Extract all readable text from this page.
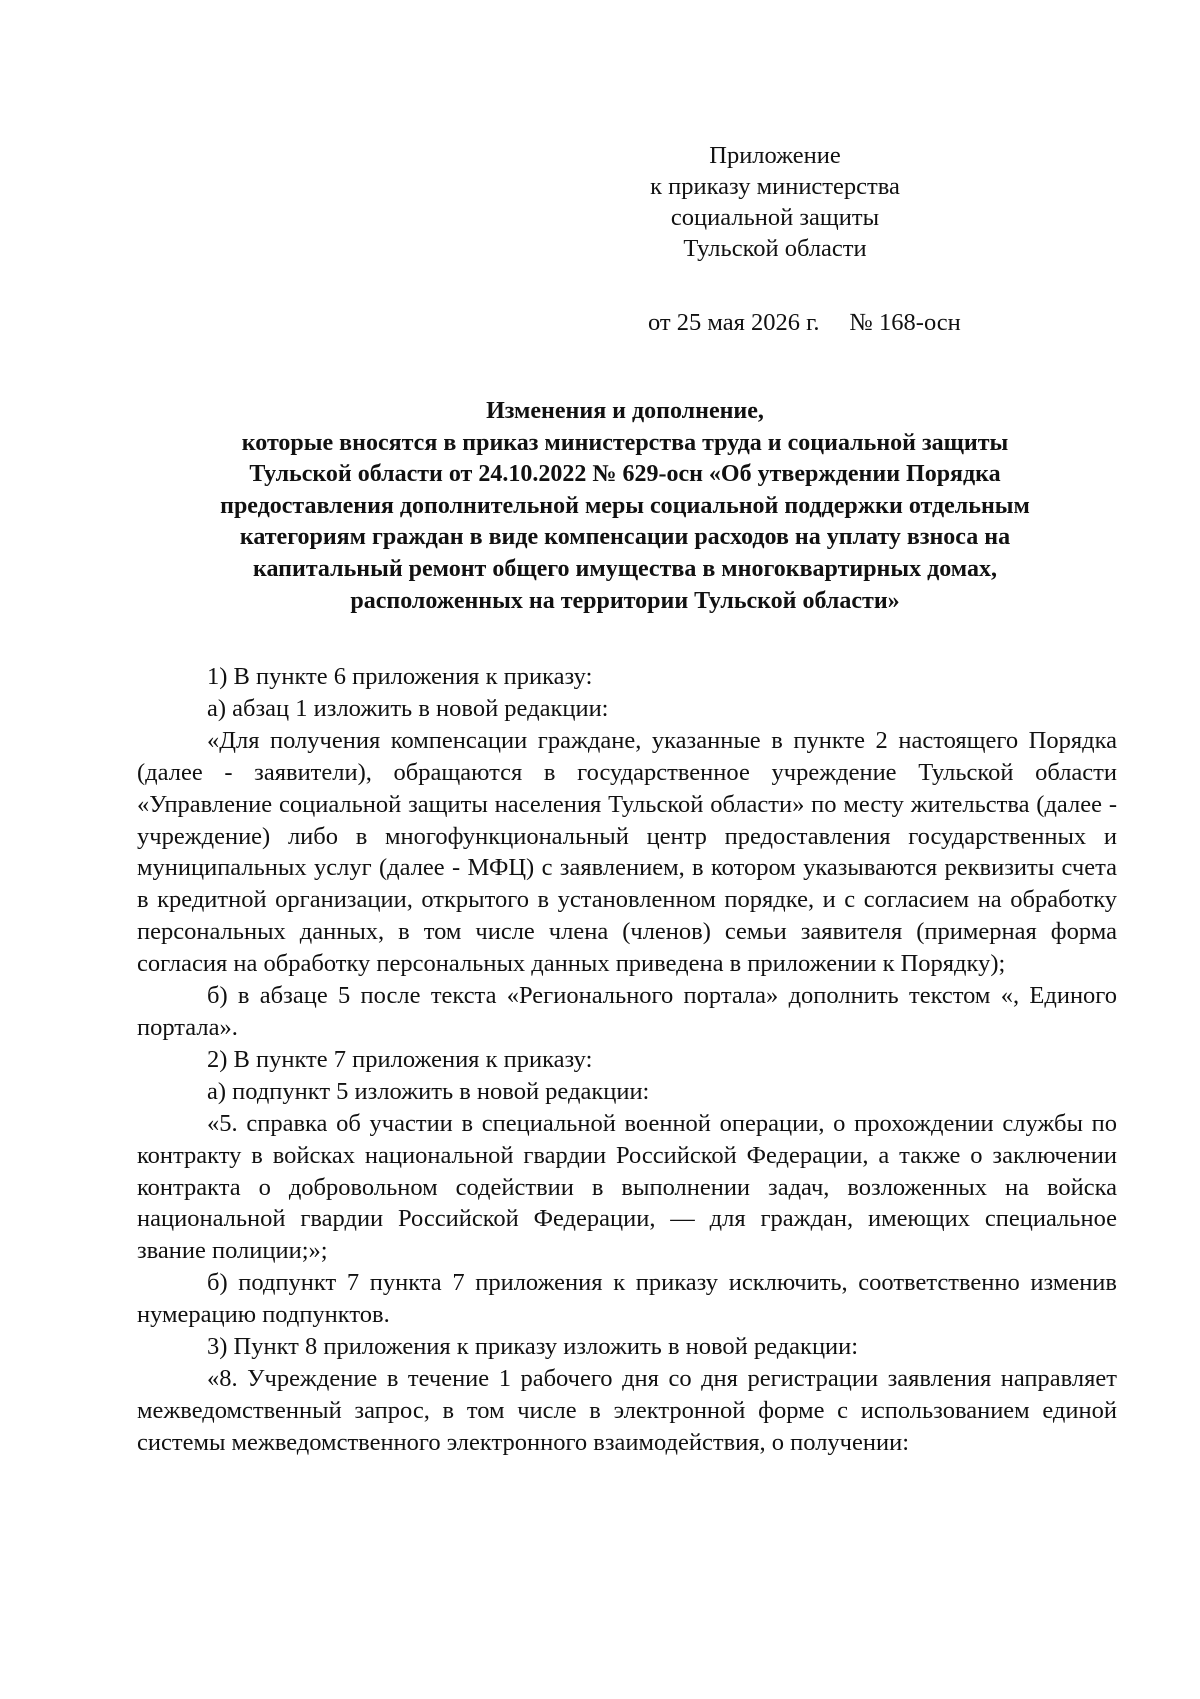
Приложение
к приказу министерства
социальной защиты
Тульской области
от 25 мая 2026 г. № 168-осн
Изменения и дополнение,
которые вносятся в приказ министерства труда и социальной защиты
Тульской области от 24.10.2022 № 629-осн «Об утверждении Порядка
предоставления дополнительной меры социальной поддержки отдельным
категориям граждан в виде компенсации расходов на уплату взноса на
капитальный ремонт общего имущества в многоквартирных домах,
расположенных на территории Тульской области»

1) В пункте 6 приложения к приказу:

а) абзац 1 изложить в новой редакции:

«Для получения компенсации граждане, указанные в пункте 2 настоящего Порядка (далее - заявители), обращаются в государственное учреждение Тульской области «Управление социальной защиты населения Тульской области» по месту жительства (далее - учреждение) либо в многофункциональный центр предоставления государственных и муниципальных услуг (далее - МФЦ) с заявлением, в котором указываются реквизиты счета в кредитной организации, открытого в установленном порядке, и с согласием на обработку персональных данных, в том числе члена (членов) семьи заявителя (примерная форма согласия на обработку персональных данных приведена в приложении к Порядку);

б) в абзаце 5 после текста «Регионального портала» дополнить текстом «, Единого портала».

2) В пункте 7 приложения к приказу:

а) подпункт 5 изложить в новой редакции:

«5. справка об участии в специальной военной операции, о прохождении службы по контракту в войсках национальной гвардии Российской Федерации, а также о заключении контракта о добровольном содействии в выполнении задач, возложенных на войска национальной гвардии Российской Федерации, — для граждан, имеющих специальное звание полиции;»;

б) подпункт 7 пункта 7 приложения к приказу исключить, соответственно изменив нумерацию подпунктов.

3) Пункт 8 приложения к приказу изложить в новой редакции:

«8. Учреждение в течение 1 рабочего дня со дня регистрации заявления направляет межведомственный запрос, в том числе в электронной форме с использованием единой системы межведомственного электронного взаимодействия, о получении:
